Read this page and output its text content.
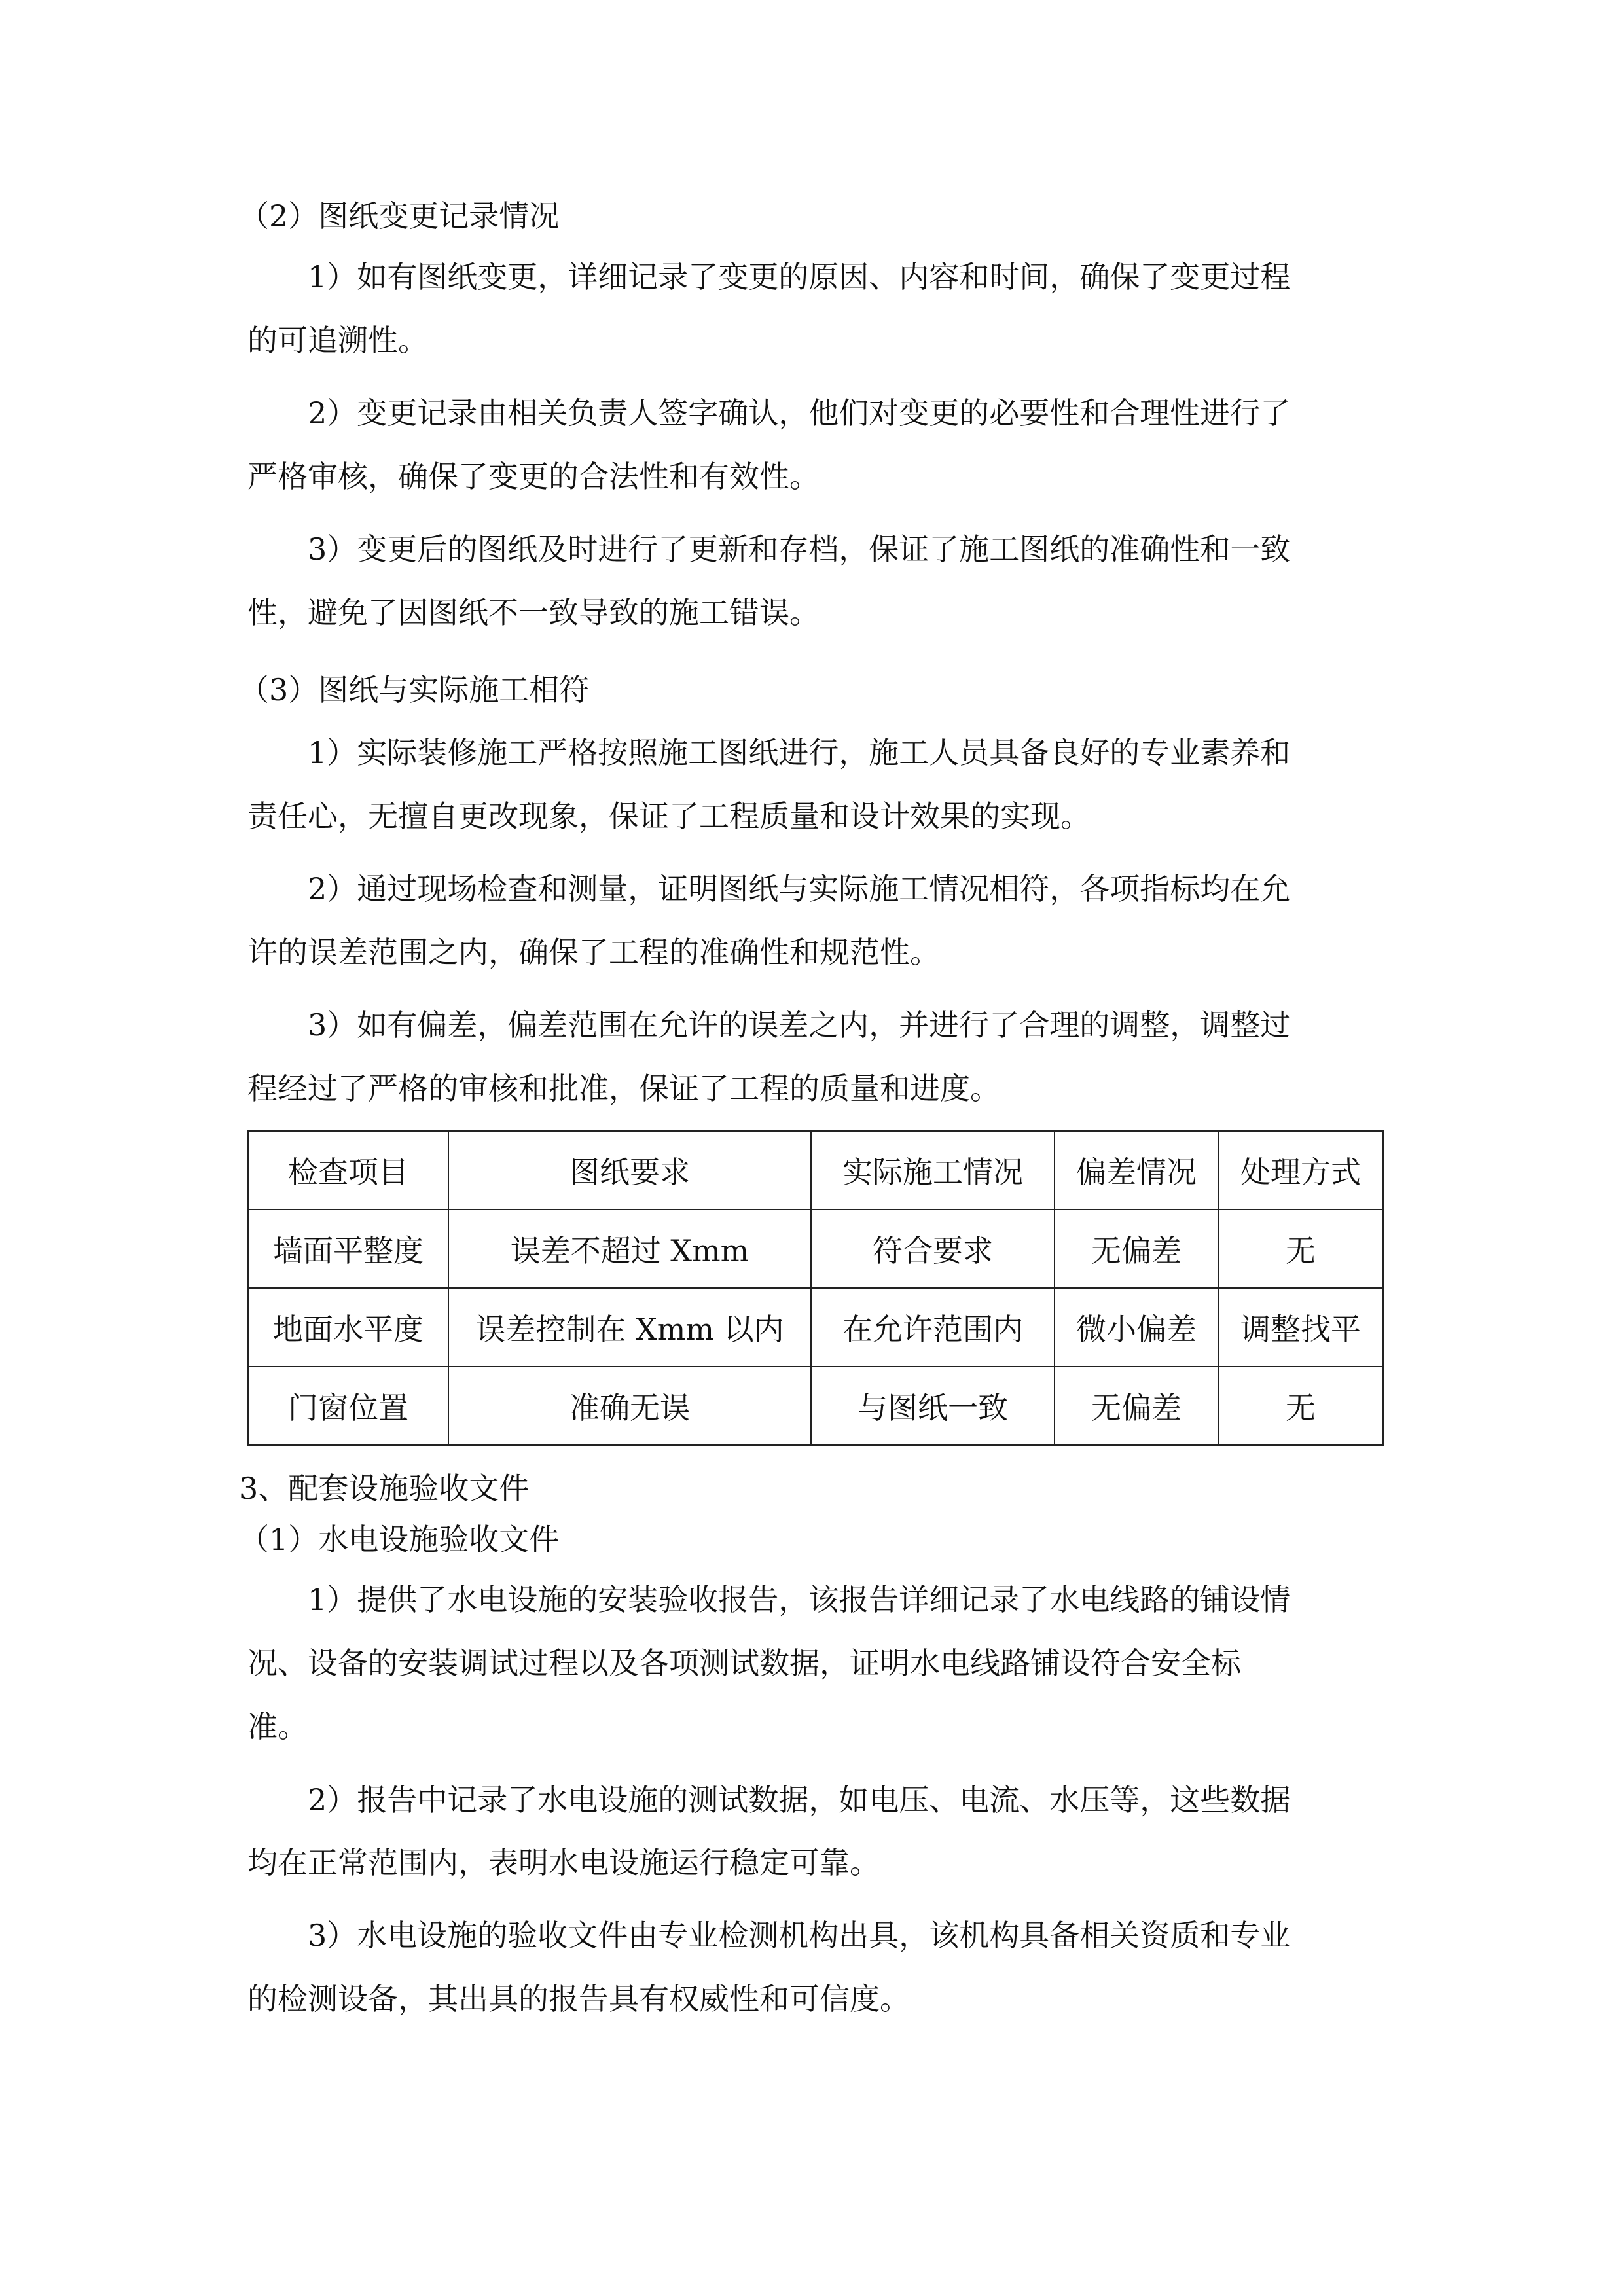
（2）图纸变更记录情况

1）如有图纸变更，详细记录了变更的原因、内容和时间，确保了变更过程

的可追溯性。

2）变更记录由相关负责人签字确认，他们对变更的必要性和合理性进行了

严格审核，确保了变更的合法性和有效性。

3）变更后的图纸及时进行了更新和存档，保证了施工图纸的准确性和一致

性，避免了因图纸不一致导致的施工错误。

（3）图纸与实际施工相符

1）实际装修施工严格按照施工图纸进行，施工人员具备良好的专业素养和

责任心，无擅自更改现象，保证了工程质量和设计效果的实现。

2）通过现场检查和测量，证明图纸与实际施工情况相符，各项指标均在允

许的误差范围之内，确保了工程的准确性和规范性。

3）如有偏差，偏差范围在允许的误差之内，并进行了合理的调整，调整过

程经过了严格的审核和批准，保证了工程的质量和进度。

检查项目	图纸要求	实际施工情况	偏差情况	处理方式
墙面平整度	误差不超过 Xmm	符合要求	无偏差	无
地面水平度	误差控制在 Xmm 以内	在允许范围内	微小偏差	调整找平
门窗位置	准确无误	与图纸一致	无偏差	无

3、配套设施验收文件

（1）水电设施验收文件

1）提供了水电设施的安装验收报告，该报告详细记录了水电线路的铺设情

况、设备的安装调试过程以及各项测试数据，证明水电线路铺设符合安全标

准。

2）报告中记录了水电设施的测试数据，如电压、电流、水压等，这些数据

均在正常范围内，表明水电设施运行稳定可靠。

3）水电设施的验收文件由专业检测机构出具，该机构具备相关资质和专业

的检测设备，其出具的报告具有权威性和可信度。
